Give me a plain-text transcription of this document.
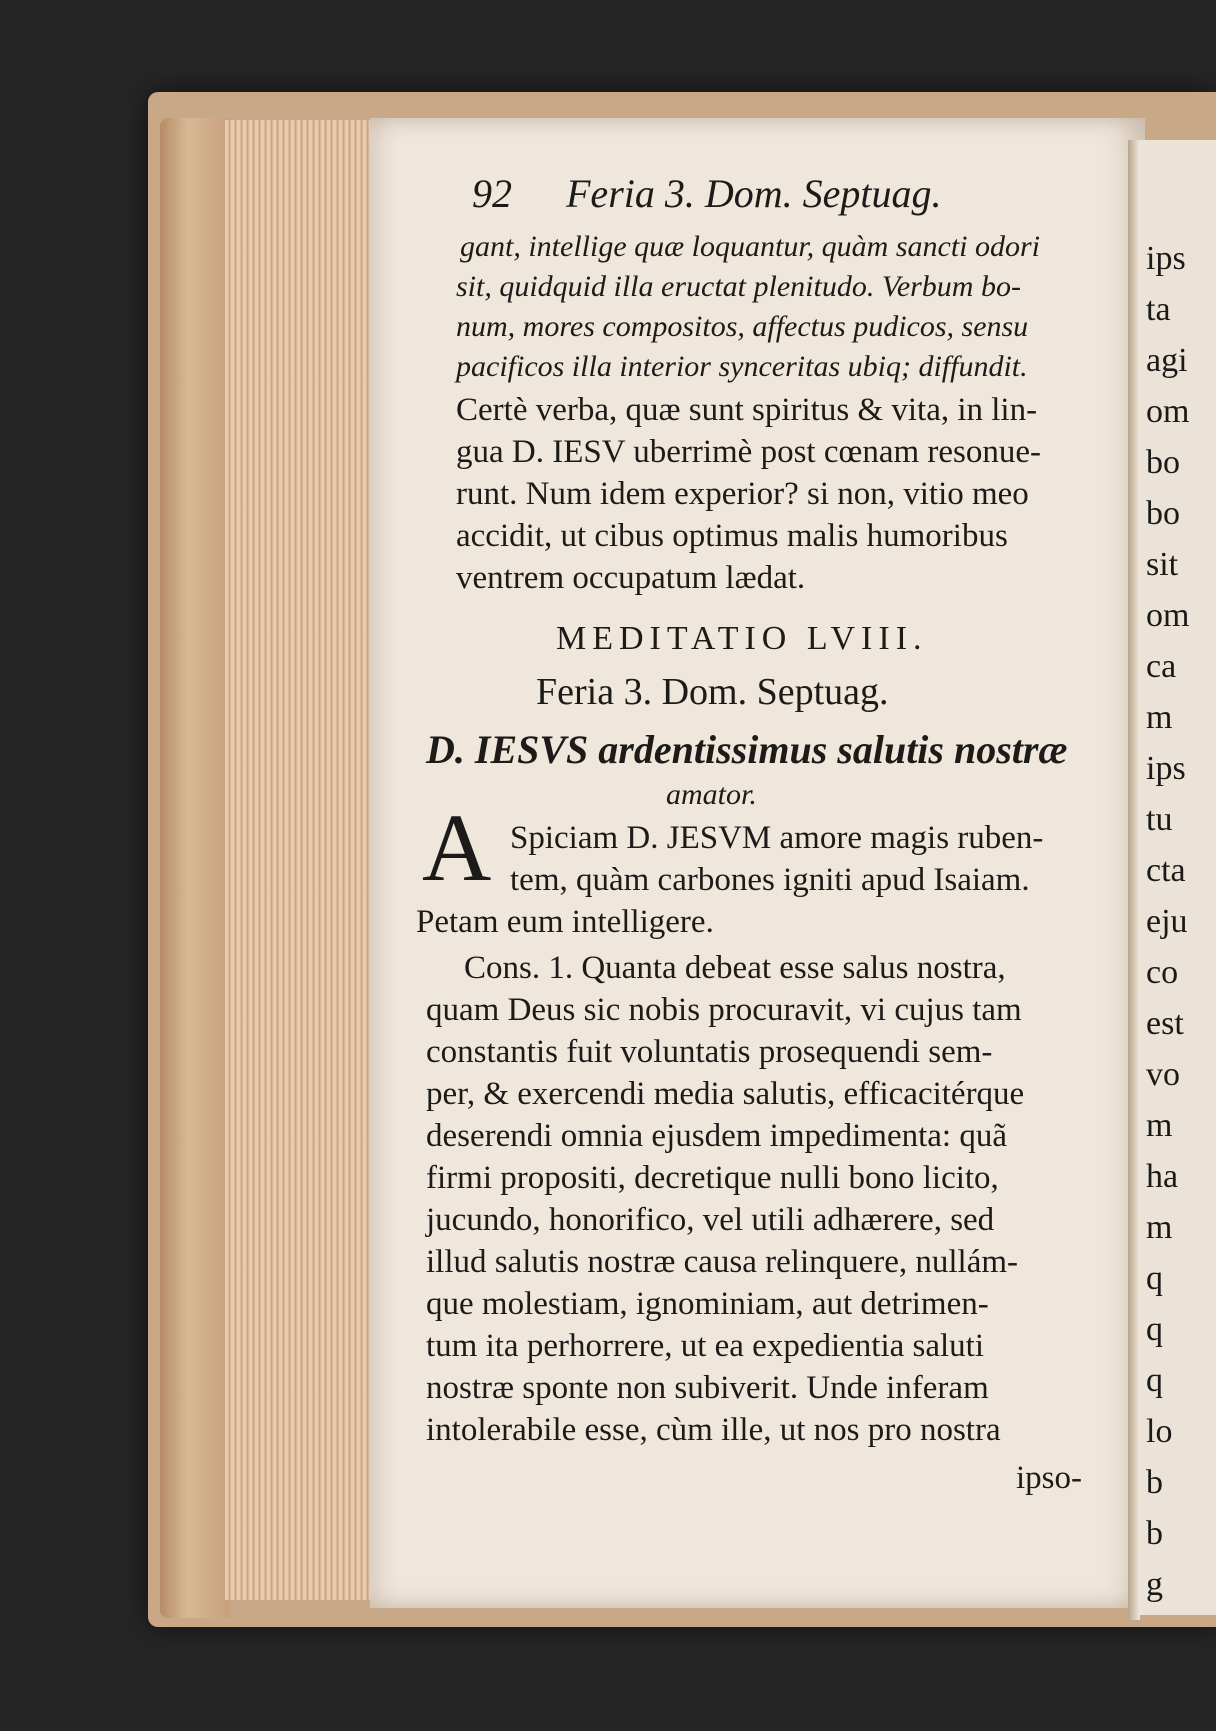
ips
ta
agi
om
bo
bo
sit
om
ca
m
ips
tu
cta
eju
co
est
vo
m
ha
m
q
q
q
lo
b
b
g
92 Feria 3. Dom. Septuag.
gant, intellige quæ loquantur, quàm sancti odori
sit, quidquid illa eructat plenitudo. Verbum bo-
num, mores compositos, affectus pudicos, sensu
pacificos illa interior synceritas ubiq; diffundit.
Certè verba, quæ sunt spiritus & vita, in lin-
gua D. IESV uberrimè post cœnam resonue-
runt. Num idem experior? si non, vitio meo
accidit, ut cibus optimus malis humoribus
ventrem occupatum lædat.
MEDITATIO LVIII.
Feria 3. Dom. Septuag.
D. IESVS ardentissimus salutis nostræ
amator.
A Spiciam D. JESVM amore magis ruben-
tem, quàm carbones igniti apud Isaiam.
Petam eum intelligere.
Cons. 1. Quanta debeat esse salus nostra,
quam Deus sic nobis procuravit, vi cujus tam
constantis fuit voluntatis prosequendi sem-
per, & exercendi media salutis, efficacitérque
deserendi omnia ejusdem impedimenta: quã
firmi propositi, decretique nulli bono licito,
jucundo, honorifico, vel utili adhærere, sed
illud salutis nostræ causa relinquere, nullám-
que molestiam, ignominiam, aut detrimen-
tum ita perhorrere, ut ea expedientia saluti
nostræ sponte non subiverit. Unde inferam
intolerabile esse, cùm ille, ut nos pro nostra
ipso-
